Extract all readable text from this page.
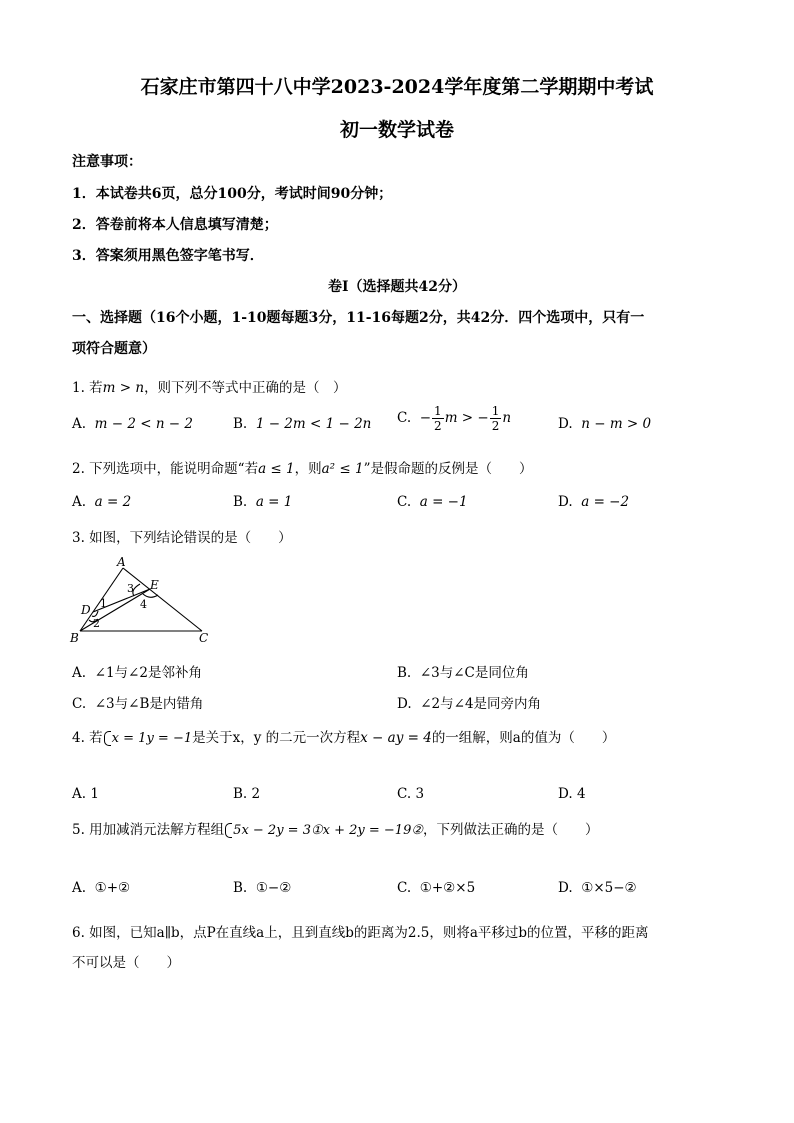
石家庄市第四十八中学2023-2024学年度第二学期期中考试
初一数学试卷
注意事项：
1．本试卷共6页，总分100分，考试时间90分钟；
2．答卷前将本人信息填写清楚；
3．答案须用黑色签字笔书写．
卷Ⅰ（选择题共42分）
一、选择题（16个小题，1-10题每题3分，11-16每题2分，共42分．四个选项中，只有一
项符合题意）
1. 若m > n，则下列不等式中正确的是（　）
A. m − 2 < n − 2	B. 1 − 2m < 1 − 2n C. − $\frac{1}{2}$ m > − $\frac{1}{2}$ n	D. n − m > 0
2. 下列选项中，能说明命题“若a ≤ 1，则a² ≤ 1”是假命题的反例是（　　）
A. a = 2	B. a = 1	C. a = −1	D. a = −2
3. 如图，下列结论错误的是（　　）
A
B	C
D
E
1
2
3
4
A. ∠1与∠2是邻补角	B. ∠3与∠C是同位角
C. ∠3与∠B是内错角	D. ∠2与∠4是同旁内角
4. 若 x = 1y = −1是关于x，y 的二元一次方程x − ay = 4的一组解，则a的值为（　　）
A. 1	B. 2	C. 3	D. 4
5. 用加减消元法解方程组 5x − 2y = 3①x + 2y = −19②，下列做法正确的是（　　）
A. ①+②	B. ①−②	C. ①+②×5	D. ①×5−②
6. 如图，已知a∥b，点P在直线a上，且到直线b的距离为2.5，则将a平移过b的位置，平移的距离
不可以是（　　）
